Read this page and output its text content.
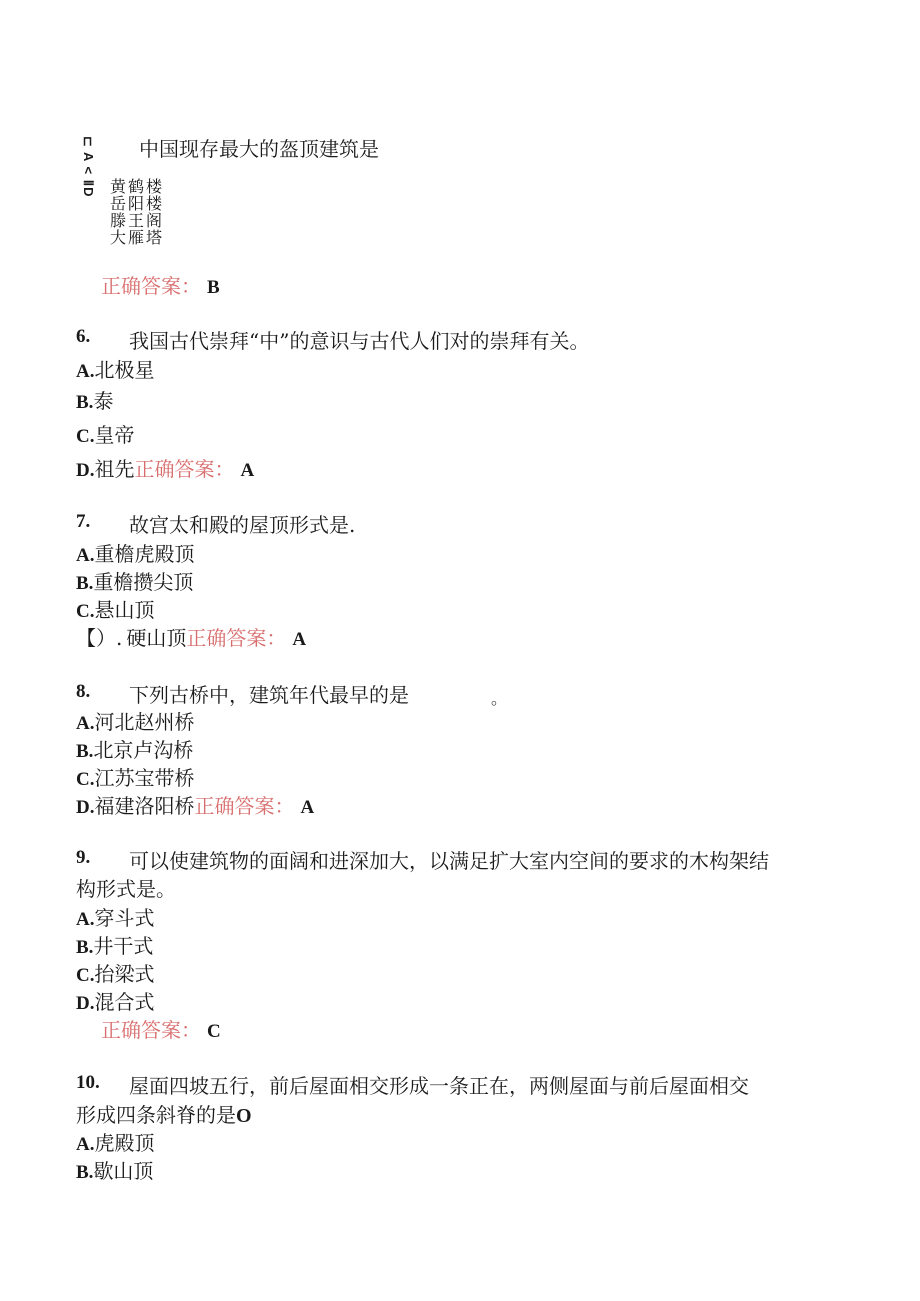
⊏ A < ⅡD 中国现存最大的盔顶建筑是
黄鹤楼
岳阳楼
滕王阁
大雁塔
正确答案： B
6. 我国古代崇拜“中”的意识与古代人们对的崇拜有关。
A.北极星
B.泰
C.皇帝
D.祖先正确答案： A
7. 故宫太和殿的屋顶形式是.
A.重檐虎殿顶
B.重檐攒尖顶
C.悬山顶
【）. 硬山顶正确答案： A
8. 下列古桥中，建筑年代最早的是	。
A.河北赵州桥
B.北京卢沟桥
C.江苏宝带桥
D.福建洛阳桥正确答案： A
9. 可以使建筑物的面阔和进深加大，以满足扩大室内空间的要求的木构架结
构形式是。
A.穿斗式
B.井干式
C.抬梁式
D.混合式
正确答案： C
10. 屋面四坡五行，前后屋面相交形成一条正在，两侧屋面与前后屋面相交
形成四条斜脊的是O
A.虎殿顶
B.歇山顶
